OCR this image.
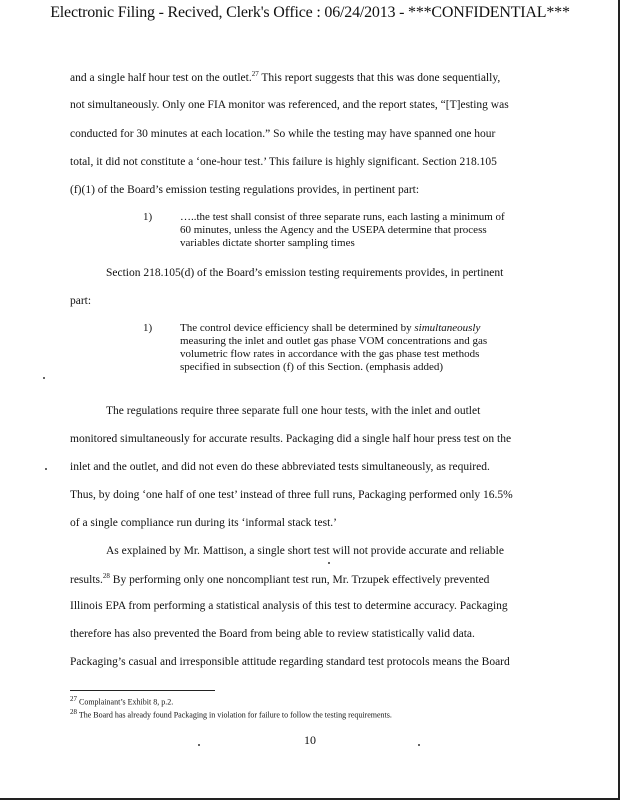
Electronic Filing - Recived, Clerk's Office : 06/24/2013 - ***CONFIDENTIAL***
and a single half hour test on the outlet.$^{27}$ This report suggests that this was done sequentially,
not simultaneously. Only one FIA monitor was referenced, and the report states, “[T]esting was
conducted for 30 minutes at each location.” So while the testing may have spanned one hour
total, it did not constitute a ‘one-hour test.’ This failure is highly significant. Section 218.105
(f)(1) of the Board’s emission testing regulations provides, in pertinent part:
1)	…..the test shall consist of three separate runs, each lasting a minimum of
60 minutes, unless the Agency and the USEPA determine that process
variables dictate shorter sampling times
Section 218.105(d) of the Board’s emission testing requirements provides, in pertinent
part:
1)	The control device efficiency shall be determined by simultaneously
measuring the inlet and outlet gas phase VOM concentrations and gas
volumetric flow rates in accordance with the gas phase test methods
specified in subsection (f) of this Section. (emphasis added)
The regulations require three separate full one hour tests, with the inlet and outlet
monitored simultaneously for accurate results. Packaging did a single half hour press test on the
inlet and the outlet, and did not even do these abbreviated tests simultaneously, as required.
Thus, by doing ‘one half of one test’ instead of three full runs, Packaging performed only 16.5%
of a single compliance run during its ‘informal stack test.’
As explained by Mr. Mattison, a single short test will not provide accurate and reliable
results.$^{28}$ By performing only one noncompliant test run, Mr. Trzupek effectively prevented
Illinois EPA from performing a statistical analysis of this test to determine accuracy. Packaging
therefore has also prevented the Board from being able to review statistically valid data.
Packaging’s casual and irresponsible attitude regarding standard test protocols means the Board
27 Complainant’s Exhibit 8, p.2.
28 The Board has already found Packaging in violation for failure to follow the testing requirements.
10
